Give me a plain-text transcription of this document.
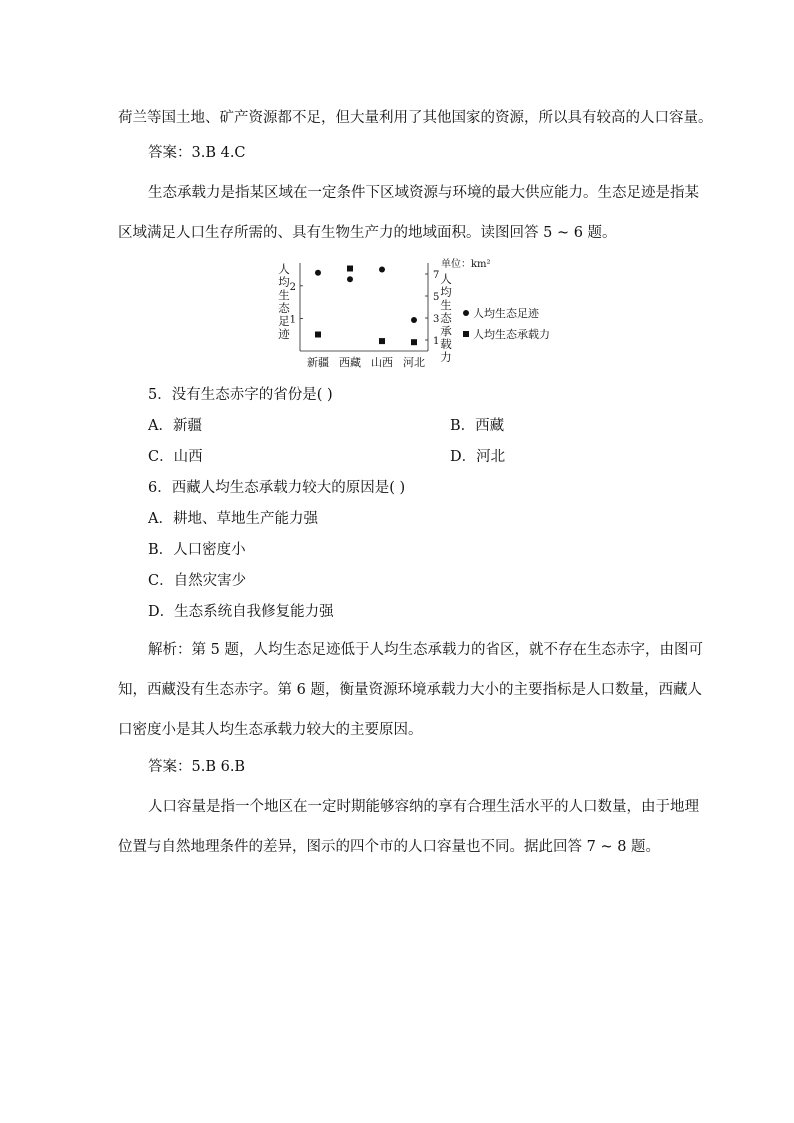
荷兰等国土地、矿产资源都不足，但大量利用了其他国家的资源，所以具有较高的人口容量。
答案：3.B 4.C
生态承载力是指某区域在一定条件下区域资源与环境的最大供应能力。生态足迹是指某
区域满足人口生存所需的、具有生物生产力的地域面积。读图回答 5 ~ 6 题。
1
2
1
3
5
7
人
均
生
态
足
迹
人
均
生
态
承
载
力
单位：km²
新疆 西藏 山西 河北
人均生态足迹
人均生态承载力
5．没有生态赤字的省份是( )
A．新疆	B．西藏
C．山西	D．河北
6．西藏人均生态承载力较大的原因是( )
A．耕地、草地生产能力强
B．人口密度小
C．自然灾害少
D．生态系统自我修复能力强
解析：第 5 题，人均生态足迹低于人均生态承载力的省区，就不存在生态赤字，由图可
知，西藏没有生态赤字。第 6 题，衡量资源环境承载力大小的主要指标是人口数量，西藏人
口密度小是其人均生态承载力较大的主要原因。
答案：5.B 6.B
人口容量是指一个地区在一定时期能够容纳的享有合理生活水平的人口数量，由于地理
位置与自然地理条件的差异，图示的四个市的人口容量也不同。据此回答 7 ~ 8 题。
